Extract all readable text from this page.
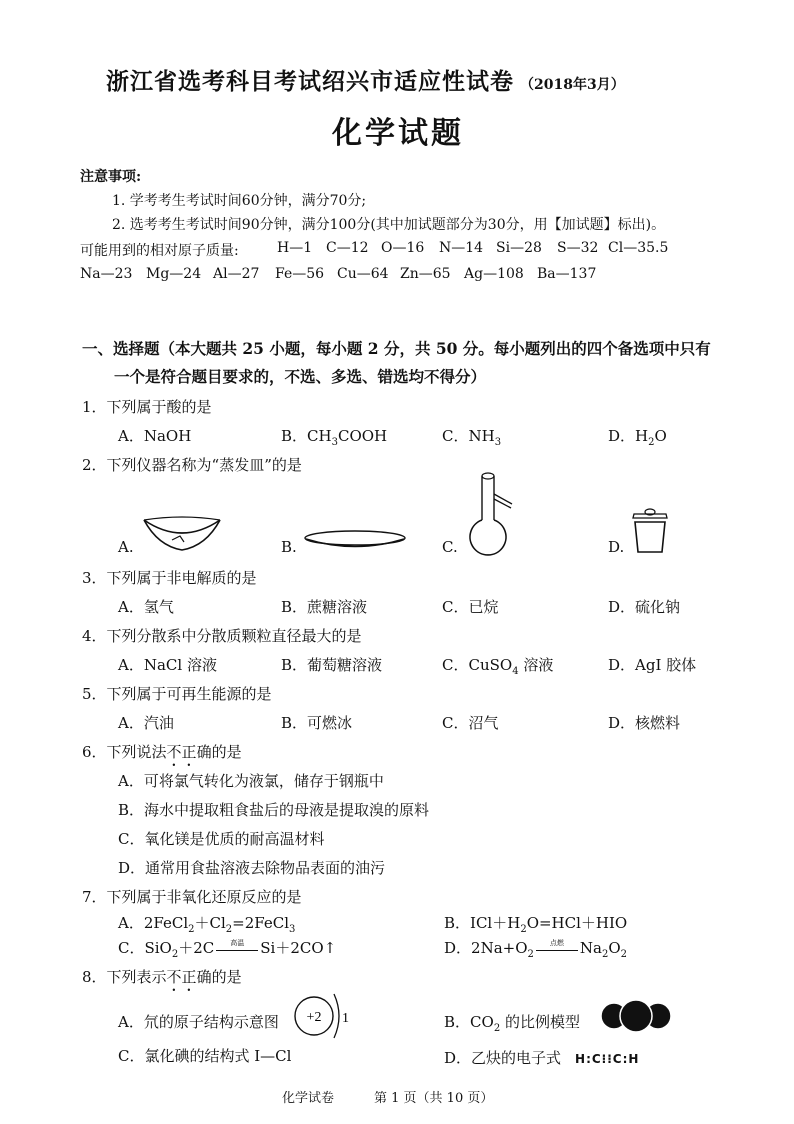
浙江省选考科目考试绍兴市适应性试卷 （2018年3月）
化学试题
注意事项:
1. 学考考生考试时间60分钟，满分70分;
2. 选考考生考试时间90分钟，满分100分(其中加试题部分为30分，用【加试题】标出)。
可能用到的相对原子质量:	H—1 C—12 O—16 N—14 Si—28 S—32 Cl—35.5
Na—23 Mg—24 Al—27 Fe—56 Cu—64 Zn—65 Ag—108 Ba—137
一、选择题（本大题共 25 小题，每小题 2 分，共 50 分。每小题列出的四个备选项中只有
一个是符合题目要求的，不选、多选、错选均不得分）
1．下列属于酸的是
A．NaOH	B．$CH_3COOH$	C．$NH_3$	D．$H_2O$
2．下列仪器名称为“蒸发皿”的是
A.	B.	C.	D.
3．下列属于非电解质的是
A．氢气	B．蔗糖溶液	C．已烷	D．硫化钠
4．下列分散系中分散质颗粒直径最大的是
A．NaCl 溶液	B．葡萄糖溶液	C．CuSO$_4$ 溶液	D．AgI 胶体
5．下列属于可再生能源的是
A．汽油	B．可燃冰	C．沼气	D．核燃料
6．下列说法不正确的是
A．可将氯气转化为液氯，储存于钢瓶中
B．海水中提取粗食盐后的母液是提取溴的原料
C．氧化镁是优质的耐高温材料
D．通常用食盐溶液去除物品表面的油污
7．下列属于非氧化还原反应的是
A．$2FeCl_2+Cl_2=2FeCl_3$	B．$ICl+H_2O=HCl+HIO$
C．SiO$_2$＋2C	高温	Si＋2CO↑	D．$2Na+O_2$
点燃	$Na_2O_2$
8．下列表示不正确的是
A．氘的原子结构示意图 +2 1	B．$CO_2$ 的比例模型
C．氯化碘的结构式 I—Cl	D．乙炔的电子式 H:C⁝⁝C:H
化学试卷	第 1 页（共 10 页）
